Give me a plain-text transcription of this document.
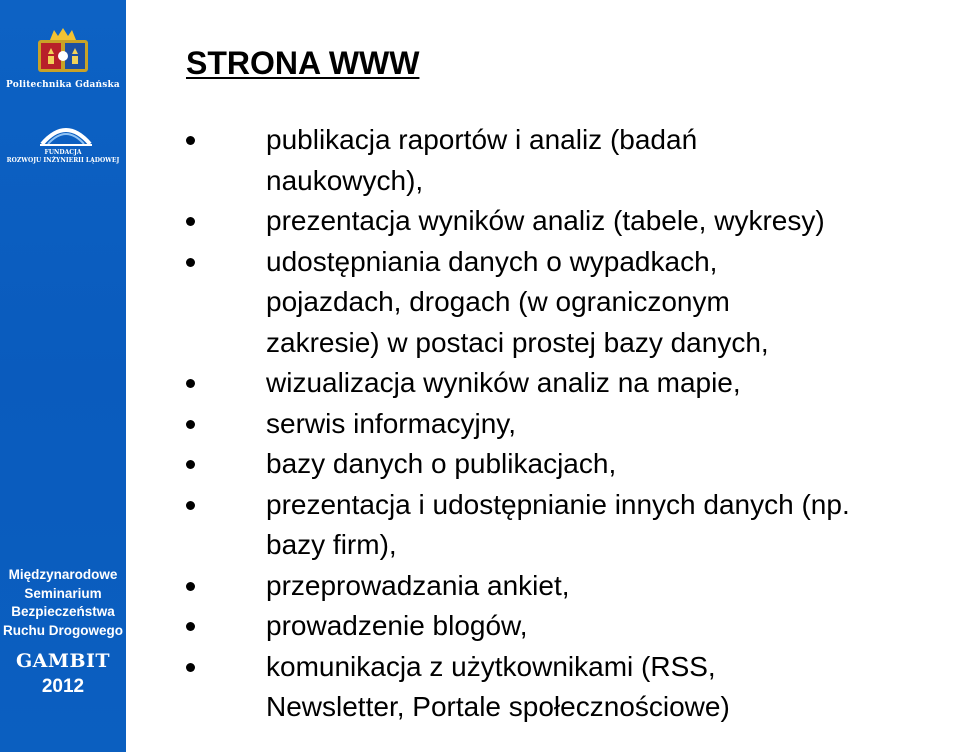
Politechnika Gdańska
FUNDACJA
ROZWOJU INŻYNIERII LĄDOWEJ
Międzynarodowe
Seminarium
Bezpieczeństwa
Ruchu Drogowego
GAMBIT
2012
STRONA WWW
publikacja raportów i analiz (badań
naukowych),
prezentacja wyników analiz (tabele, wykresy)
udostępniania danych o wypadkach,
pojazdach, drogach (w ograniczonym
zakresie) w postaci prostej bazy danych,
wizualizacja wyników analiz na mapie,
serwis informacyjny,
bazy danych o publikacjach,
prezentacja i udostępnianie innych danych (np.
bazy firm),
przeprowadzania ankiet,
prowadzenie blogów,
komunikacja z użytkownikami (RSS,
Newsletter, Portale społecznościowe)
